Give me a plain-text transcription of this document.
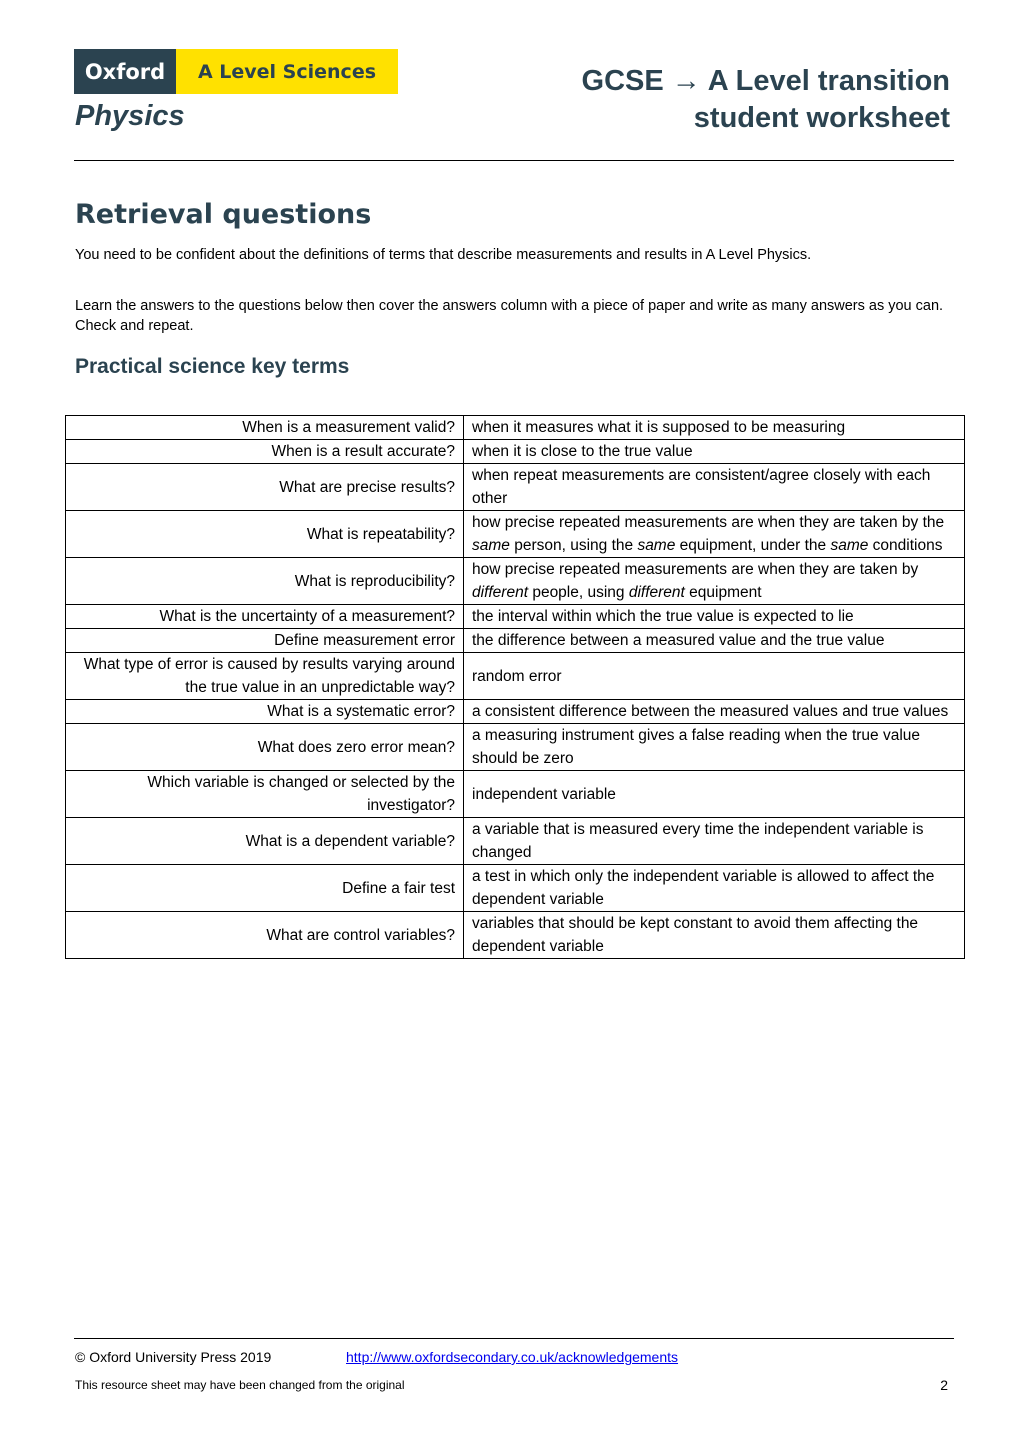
Oxford	A Level Sciences
Physics
GCSE → A Level transition
student worksheet
Retrieval questions

You need to be confident about the definitions of terms that describe measurements and results in A Level Physics.

Learn the answers to the questions below then cover the answers column with a piece of paper and write as many answers as you can. Check and repeat.

Practical science key terms
When is a measurement valid?	when it measures what it is supposed to be measuring
When is a result accurate?	when it is close to the true value
What are precise results?	when repeat measurements are consistent/agree closely with each other
What is repeatability?	how precise repeated measurements are when they are taken by the same person, using the same equipment, under the same conditions
What is reproducibility?	how precise repeated measurements are when they are taken by different people, using different equipment
What is the uncertainty of a measurement?	the interval within which the true value is expected to lie
Define measurement error	the difference between a measured value and the true value
What type of error is caused by results varying around the true value in an unpredictable way?	random error
What is a systematic error?	a consistent difference between the measured values and true values
What does zero error mean?	a measuring instrument gives a false reading when the true value should be zero
Which variable is changed or selected by the investigator?	independent variable
What is a dependent variable?	a variable that is measured every time the independent variable is changed
Define a fair test	a test in which only the independent variable is allowed to affect the dependent variable
What are control variables?	variables that should be kept constant to avoid them affecting the dependent variable
© Oxford University Press 2019	http://www.oxfordsecondary.co.uk/acknowledgements
This resource sheet may have been changed from the original	2
